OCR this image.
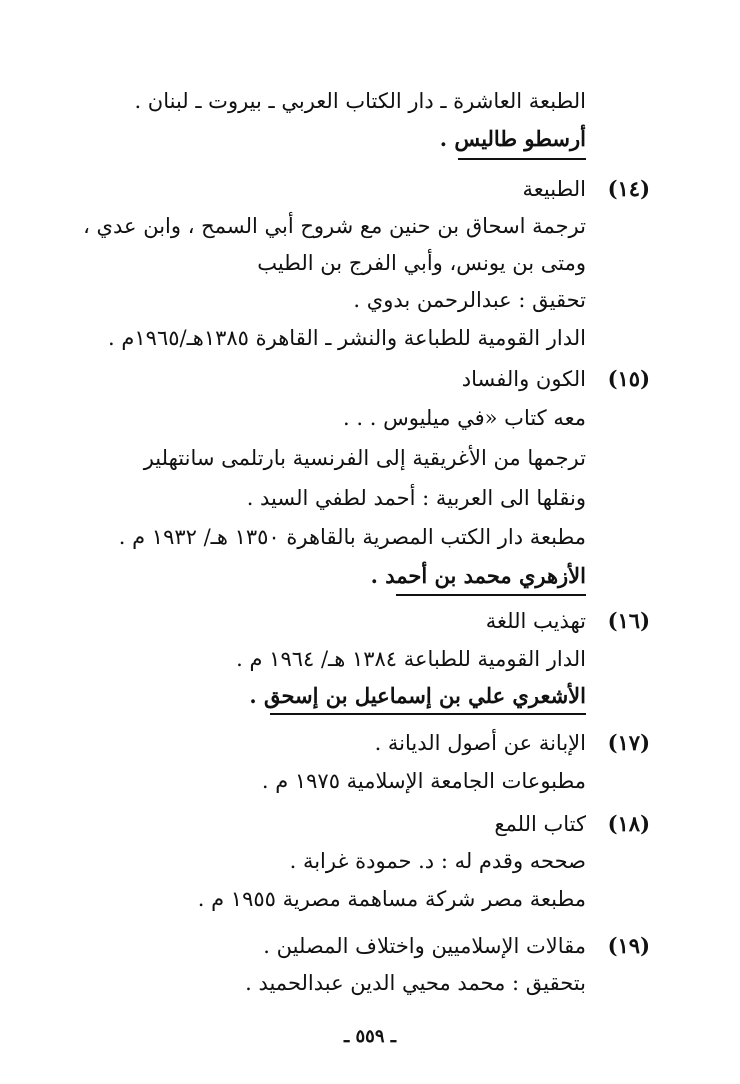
الطبعة العاشرة ـ دار الكتاب العربي ـ بيروت ـ لبنان .
أرسطو طاليس .
(١٤)
الطبيعة
ترجمة اسحاق بن حنين مع شروح أبي السمح ، وابن عدي ،
ومتى بن يونس، وأبي الفرج بن الطيب
تحقيق : عبدالرحمن بدوي .
الدار القومية للطباعة والنشر ـ القاهرة ١٣٨٥هـ/١٩٦٥م .
(١٥)
الكون والفساد
معه كتاب «في ميليوس . . .
ترجمها من الأغريقية إلى الفرنسية بارتلمى سانتهلير
ونقلها الى العربية : أحمد لطفي السيد .
مطبعة دار الكتب المصرية بالقاهرة ١٣٥٠ هـ/ ١٩٣٢ م .
الأزهري محمد بن أحمد .
(١٦)
تهذيب اللغة
الدار القومية للطباعة ١٣٨٤ هـ/ ١٩٦٤ م .
الأشعري علي بن إسماعيل بن إسحق .
(١٧)
الإبانة عن أصول الديانة .
مطبوعات الجامعة الإسلامية ١٩٧٥ م .
(١٨)
كتاب اللمع
صححه وقدم له : د. حمودة غرابة .
مطبعة مصر شركة مساهمة مصرية ١٩٥٥ م .
(١٩)
مقالات الإسلاميين واختلاف المصلين .
بتحقيق : محمد محيي الدين عبدالحميد .
ـ ٥٥٩ ـ
